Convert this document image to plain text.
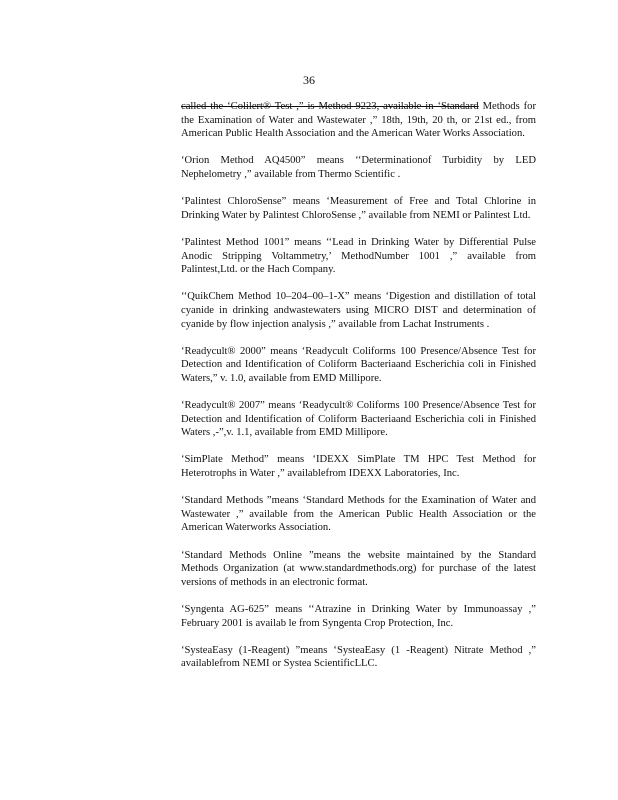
36

called the ‘Colilert® Test ,” is Method 9223, available in ‘Standard Methods for the Examination of Water and Wastewater ,” 18th, 19th, 20 th, or 21st ed., from American Public Health Association and the American Water Works Association.

‘Orion Method AQ4500” means ‘‘Determinationof Turbidity by LED Nephelometry ,” available from Thermo Scientific .

‘Palintest ChloroSense” means ‘Measurement of Free and Total Chlorine in Drinking Water by Palintest ChloroSense ,” available from NEMI or Palintest Ltd.

‘Palintest Method 1001” means ‘‘Lead in Drinking Water by Differential Pulse Anodic Stripping Voltammetry,’ MethodNumber 1001 ,” available from Palintest,Ltd. or the Hach Company.

‘‘QuikChem Method 10–204–00–1-X” means ‘Digestion and distillation of total cyanide in drinking andwastewaters using MICRO DIST and determination of cyanide by flow injection analysis ,” available from Lachat Instruments .

‘Readycult® 2000” means ‘Readycult Coliforms 100 Presence/Absence Test for Detection and Identification of Coliform Bacteriaand Escherichia coli in Finished Waters,” v. 1.0, available from EMD Millipore.

‘Readycult® 2007” means ‘Readycult® Coliforms 100 Presence/Absence Test for Detection and Identification of Coliform Bacteriaand Escherichia coli in Finished Waters ,-”,v. 1.1, available from EMD Millipore.

‘SimPlate Method” means ‘IDEXX SimPlate TM HPC Test Method for Heterotrophs in Water ,” availablefrom IDEXX Laboratories, Inc.

‘Standard Methods ”means ‘Standard Methods for the Examination of Water and Wastewater ,” available from the American Public Health Association or the American Waterworks Association.

‘Standard Methods Online ”means the website maintained by the Standard Methods Organization (at www.standardmethods.org) for purchase of the latest versions of methods in an electronic format.

‘Syngenta AG-625” means ‘‘Atrazine in Drinking Water by Immunoassay ,” February 2001 is availab le from Syngenta Crop Protection, Inc.

‘SysteaEasy (1-Reagent) ”means ‘SysteaEasy (1 -Reagent) Nitrate Method ,” availablefrom NEMI or Systea ScientificLLC.
